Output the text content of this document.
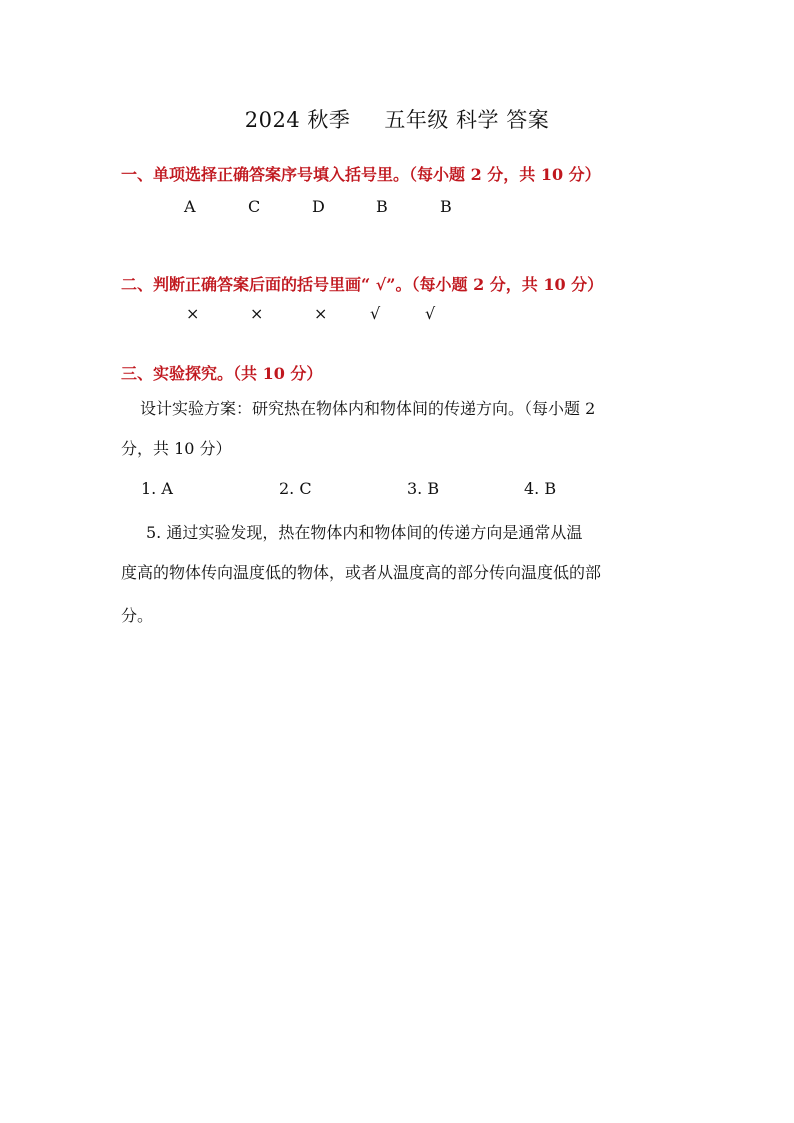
2024 秋季 五年级 科学 答案
一、单项选择正确答案序号填入括号里。（每小题 2 分，共 10 分）
A	C	D	B	B
二、判断正确答案后面的括号里画“ √”。（每小题 2 分，共 10 分）
×	×	×	√	√
三、实验探究。（共 10 分）
设计实验方案：研究热在物体内和物体间的传递方向。（每小题 2
分，共 10 分）
1. A	2. C	3. B	4. B
5. 通过实验发现，热在物体内和物体间的传递方向是通常从温
度高的物体传向温度低的物体，或者从温度高的部分传向温度低的部
分。
